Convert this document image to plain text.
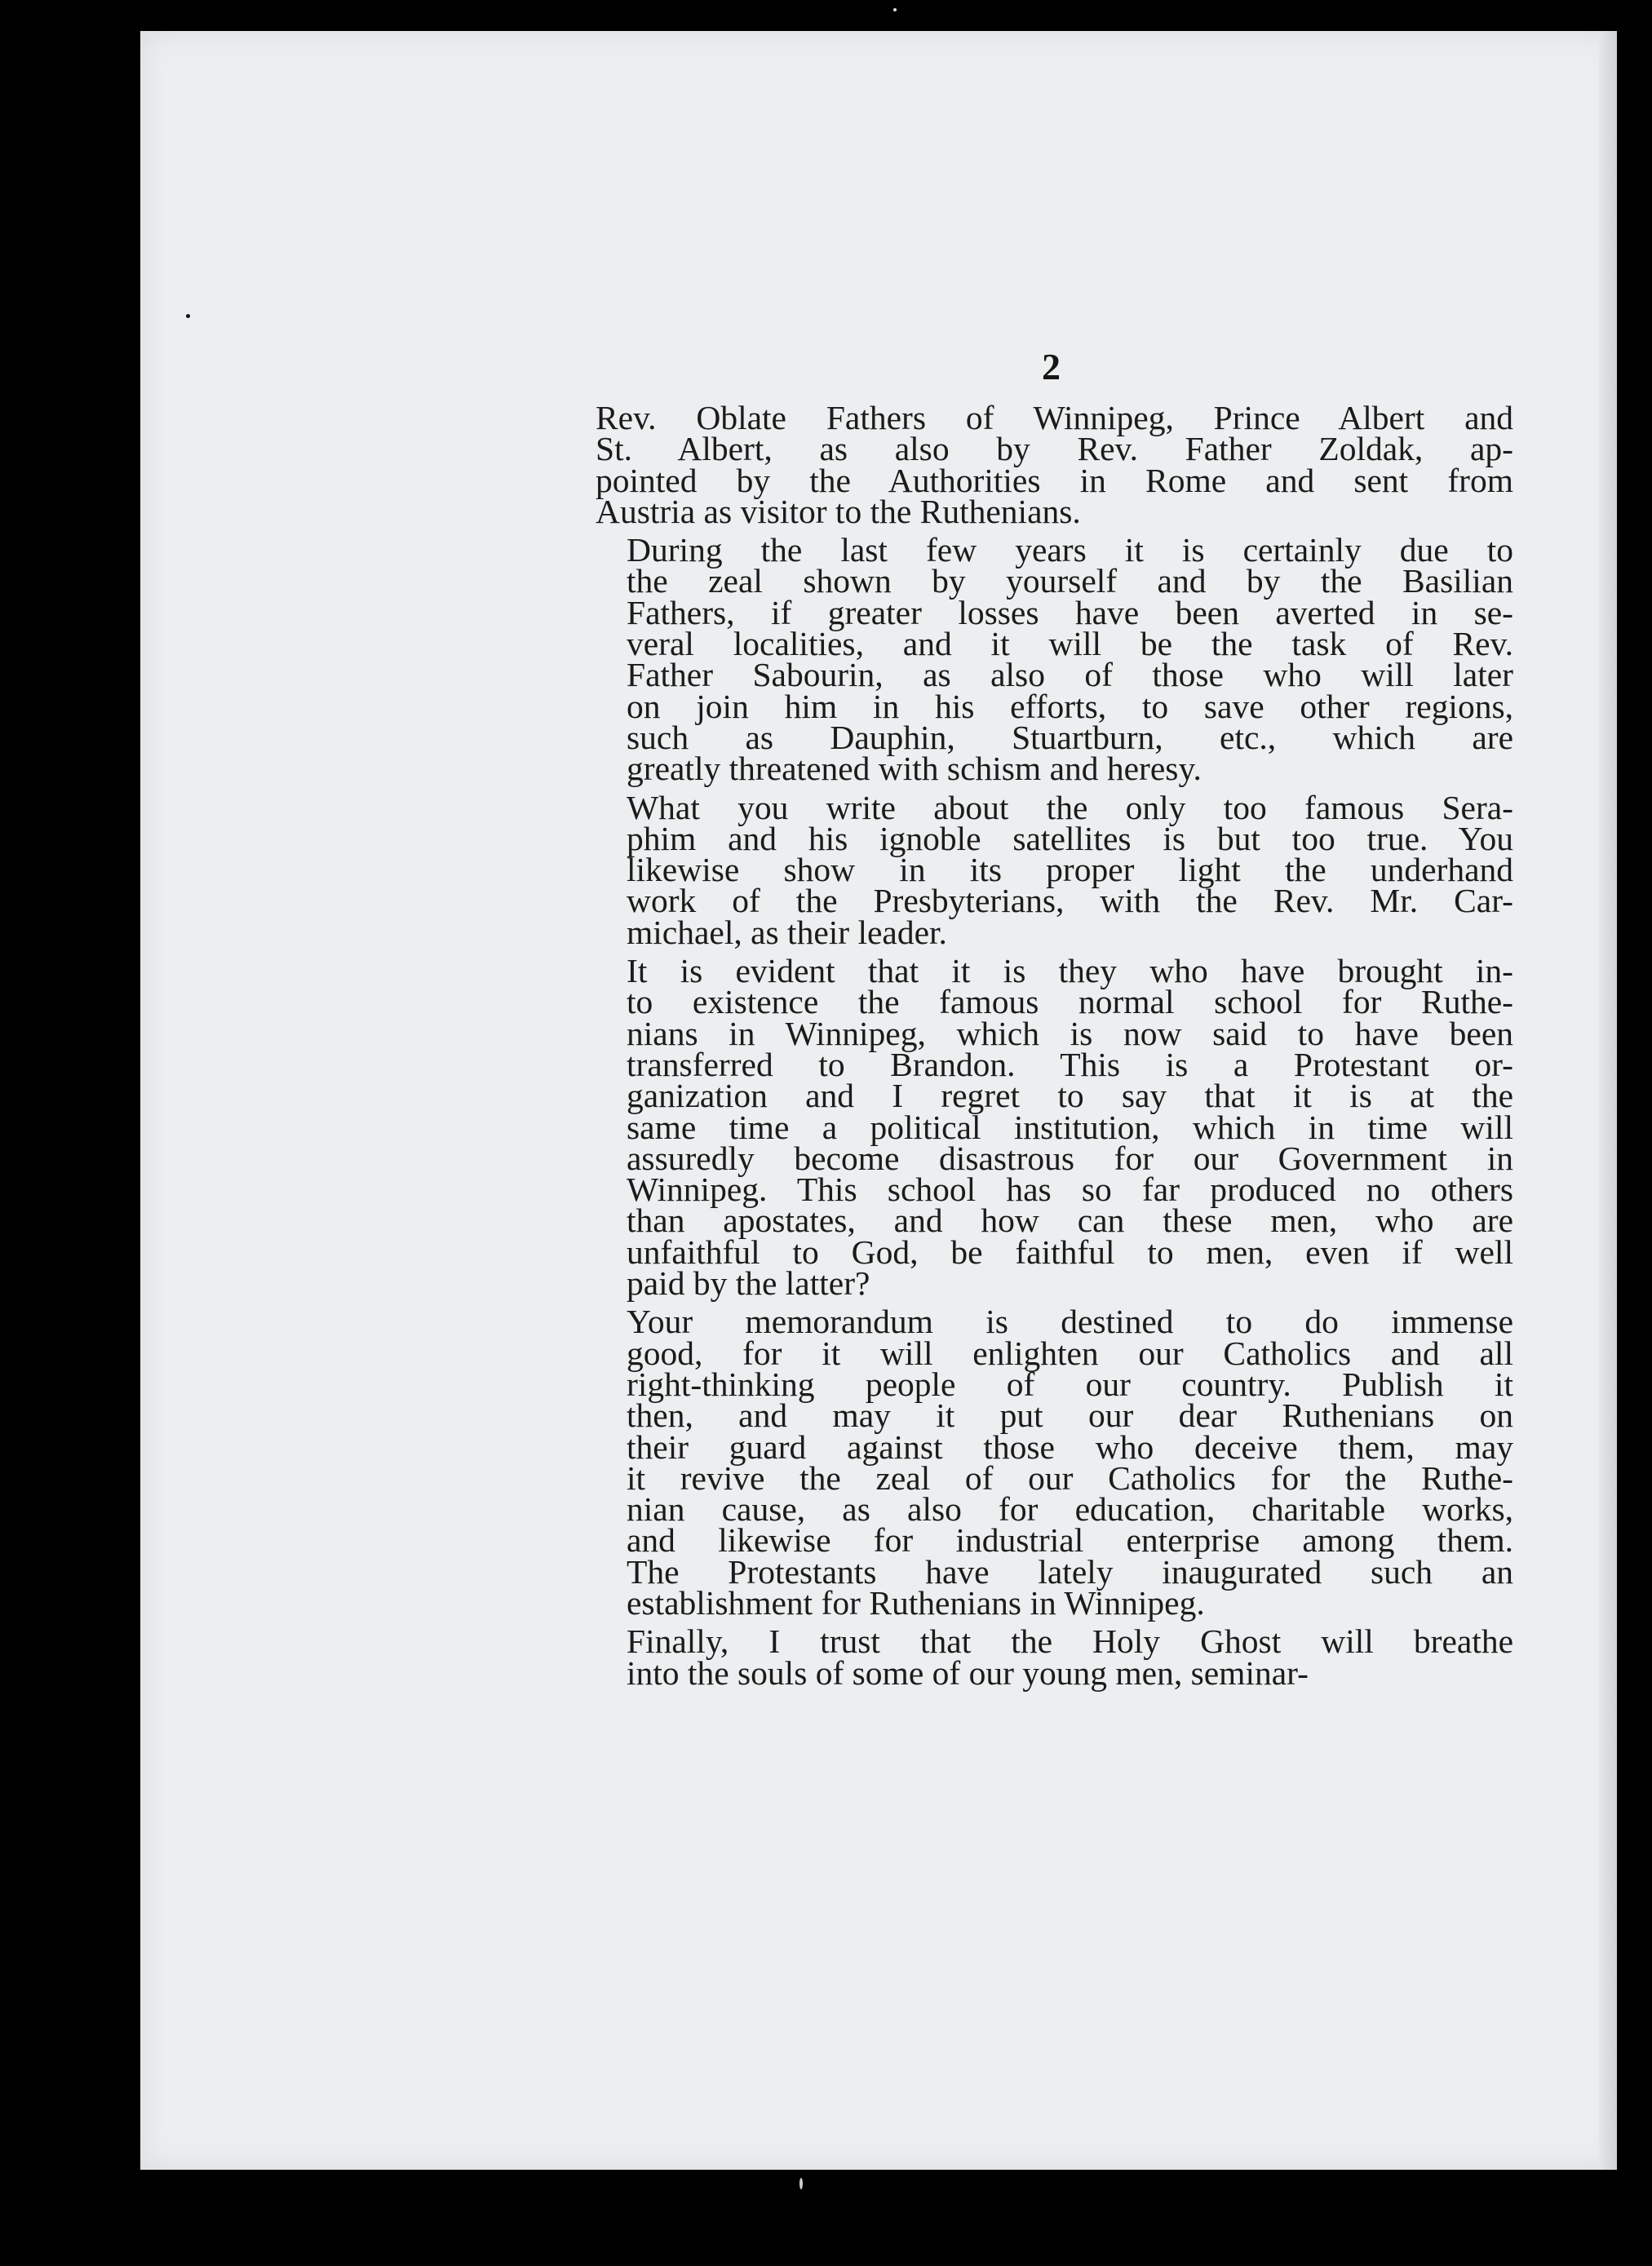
2
Rev. Oblate Fathers of Winnipeg, Prince Albert and
St. Albert, as also by Rev. Father Zoldak, ap-
pointed by the Authorities in Rome and sent from
Austria as visitor to the Ruthenians.
During the last few years it is certainly due to
the zeal shown by yourself and by the Basilian
Fathers, if greater losses have been averted in se-
veral localities, and it will be the task of Rev.
Father Sabourin, as also of those who will later
on join him in his efforts, to save other regions,
such as Dauphin, Stuartburn, etc., which are
greatly threatened with schism and heresy.
What you write about the only too famous Sera-
phim and his ignoble satellites is but too true. You
likewise show in its proper light the underhand
work of the Presbyterians, with the Rev. Mr. Car-
michael, as their leader.
It is evident that it is they who have brought in-
to existence the famous normal school for Ruthe-
nians in Winnipeg, which is now said to have been
transferred to Brandon. This is a Protestant or-
ganization and I regret to say that it is at the
same time a political institution, which in time will
assuredly become disastrous for our Government in
Winnipeg. This school has so far produced no others
than apostates, and how can these men, who are
unfaithful to God, be faithful to men, even if well
paid by the latter?
Your memorandum is destined to do immense
good, for it will enlighten our Catholics and all
right-thinking people of our country. Publish it
then, and may it put our dear Ruthenians on
their guard against those who deceive them, may
it revive the zeal of our Catholics for the Ruthe-
nian cause, as also for education, charitable works,
and likewise for industrial enterprise among them.
The Protestants have lately inaugurated such an
establishment for Ruthenians in Winnipeg.
Finally, I trust that the Holy Ghost will breathe
into the souls of some of our young men, seminar-
